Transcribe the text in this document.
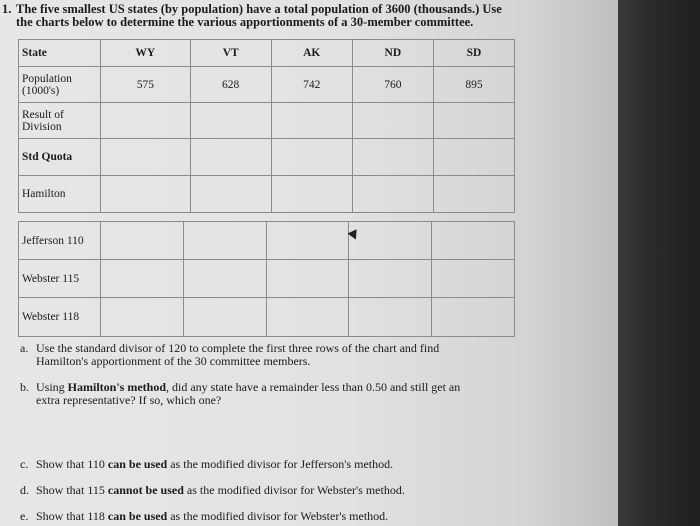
1. The five smallest US states (by population) have a total population of 3600 (thousands.) Use
the charts below to determine the various apportionments of a 30-member committee.
State	WY	VT	AK	ND	SD
Population (1000's)	575	628	742	760	895
Result of Division					
Std Quota					
Hamilton					
Jefferson 110					
Webster 115					
Webster 118					
a. Use the standard divisor of 120 to complete the first three rows of the chart and find
Hamilton's apportionment of the 30 committee members.
b. Using Hamilton's method, did any state have a remainder less than 0.50 and still get an
extra representative? If so, which one?
c. Show that 110 can be used as the modified divisor for Jefferson's method.
d. Show that 115 cannot be used as the modified divisor for Webster's method.
e. Show that 118 can be used as the modified divisor for Webster's method.
